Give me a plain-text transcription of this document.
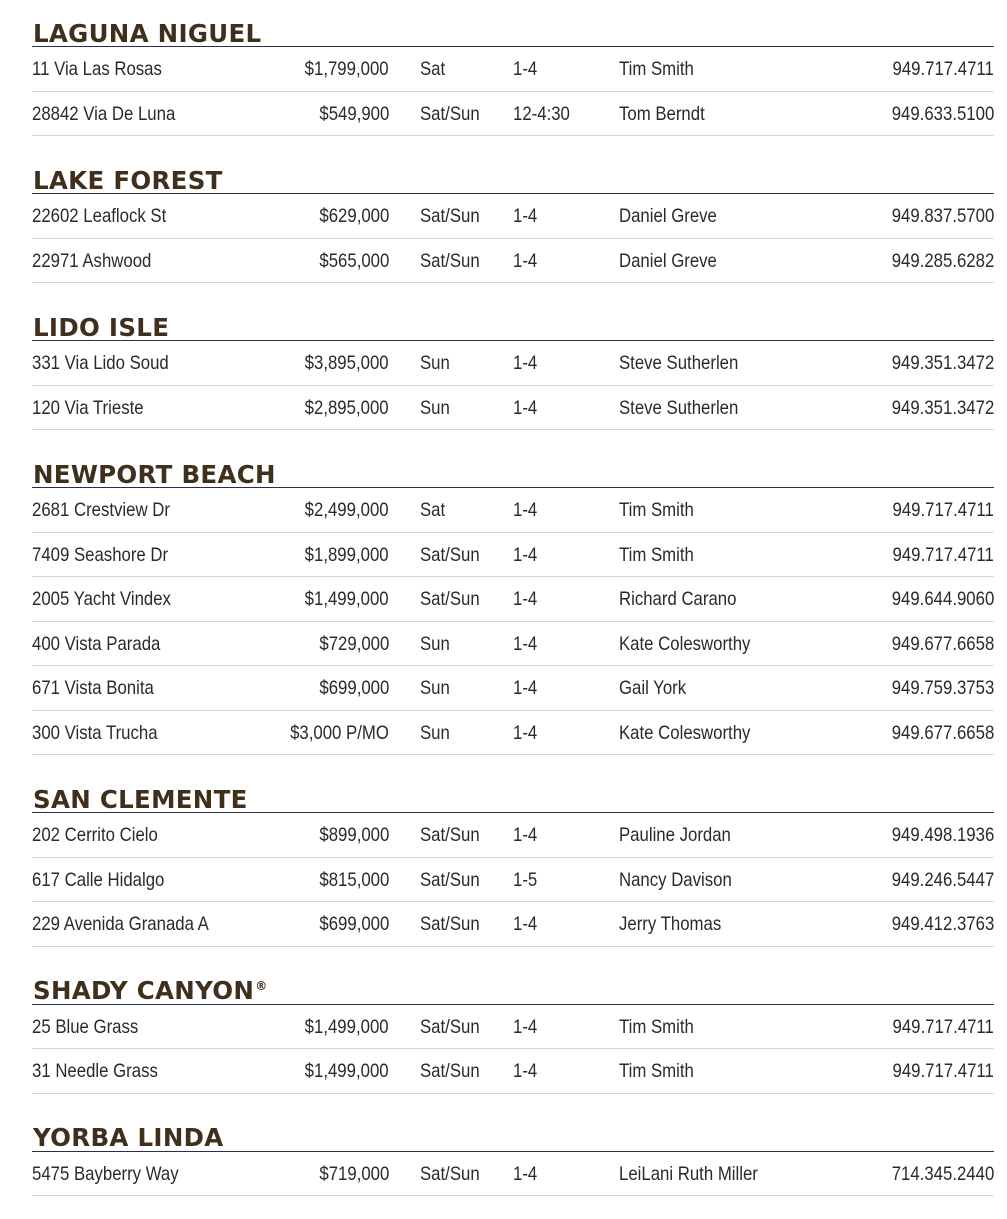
LAGUNA NIGUEL
11 Via Las Rosas	$1,799,000 Sat	1-4	Tim Smith	949.717.4711
28842 Via De Luna	$549,900 Sat/Sun 12-4:30	Tom Berndt	949.633.5100
LAKE FOREST
22602 Leaflock St	$629,000 Sat/Sun 1-4	Daniel Greve	949.837.5700
22971 Ashwood	$565,000 Sat/Sun 1-4	Daniel Greve	949.285.6282
LIDO ISLE
331 Via Lido Soud	$3,895,000 Sun	1-4	Steve Sutherlen	949.351.3472
120 Via Trieste	$2,895,000 Sun	1-4	Steve Sutherlen	949.351.3472
NEWPORT BEACH
2681 Crestview Dr	$2,499,000 Sat	1-4	Tim Smith	949.717.4711
7409 Seashore Dr	$1,899,000 Sat/Sun 1-4	Tim Smith	949.717.4711
2005 Yacht Vindex	$1,499,000 Sat/Sun 1-4	Richard Carano	949.644.9060
400 Vista Parada	$729,000 Sun	1-4	Kate Colesworthy	949.677.6658
671 Vista Bonita	$699,000 Sun	1-4	Gail York	949.759.3753
300 Vista Trucha	$3,000 P/MO Sun	1-4	Kate Colesworthy	949.677.6658
SAN CLEMENTE
202 Cerrito Cielo	$899,000 Sat/Sun 1-4	Pauline Jordan	949.498.1936
617 Calle Hidalgo	$815,000 Sat/Sun 1-5	Nancy Davison	949.246.5447
229 Avenida Granada A	$699,000 Sat/Sun 1-4	Jerry Thomas	949.412.3763
SHADY CANYON®
25 Blue Grass	$1,499,000 Sat/Sun 1-4	Tim Smith	949.717.4711
31 Needle Grass	$1,499,000 Sat/Sun 1-4	Tim Smith	949.717.4711
YORBA LINDA
5475 Bayberry Way	$719,000 Sat/Sun 1-4	LeiLani Ruth Miller	714.345.2440
